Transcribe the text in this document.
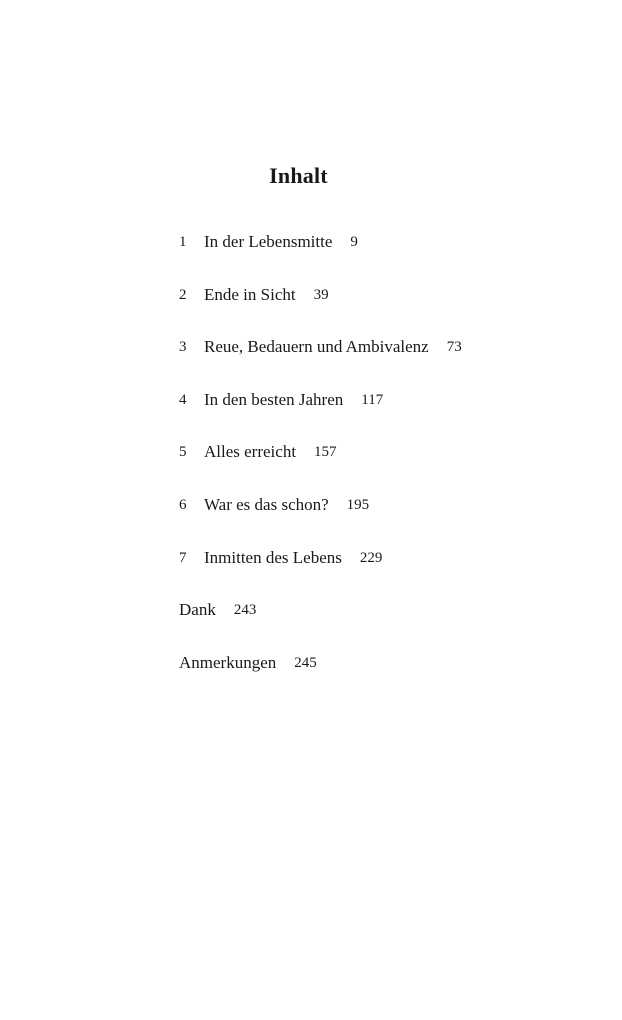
Inhalt
1	In der Lebensmitte 9
2	Ende in Sicht 39
3	Reue, Bedauern und Ambivalenz 73
4	In den besten Jahren 117
5	Alles erreicht 157
6	War es das schon? 195
7	Inmitten des Lebens 229
Dank 243
Anmerkungen 245
